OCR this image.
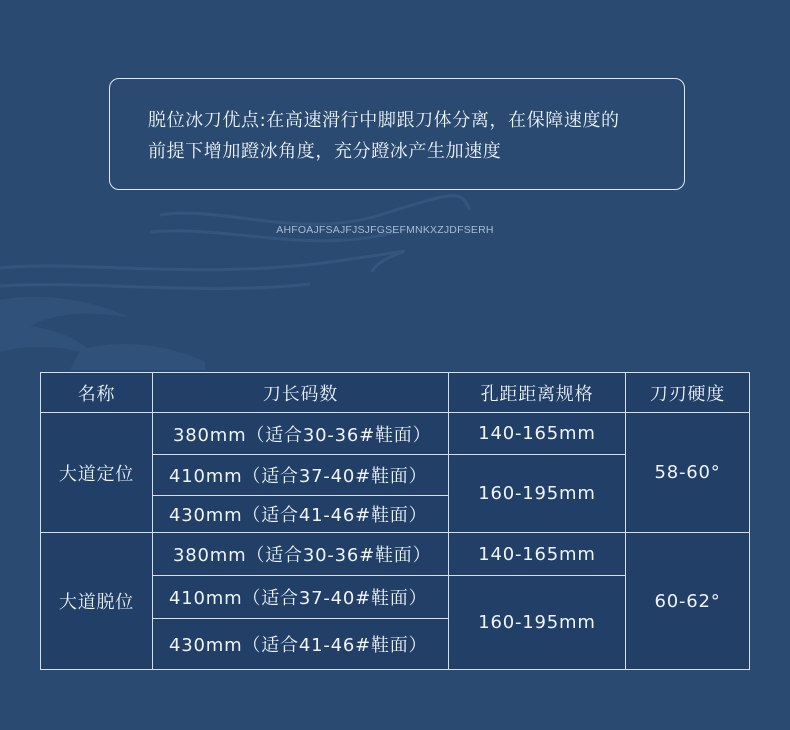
脱位冰刀优点:在高速滑行中脚跟刀体分离，在保障速度的
前提下增加蹬冰角度，充分蹬冰产生加速度
AHFOAJFSAJFJSJFGSEFMNKXZJDFSERH
名称	刀长码数	孔距距离规格	刀刃硬度
大道定位	380mm（适合30-36#鞋面）	140-165mm	58-60°
	410mm（适合37-40#鞋面）	160-195mm	
	430mm（适合41-46#鞋面）		
大道脱位	380mm（适合30-36#鞋面）	140-165mm	60-62°
	410mm（适合37-40#鞋面）	160-195mm	
	430mm（适合41-46#鞋面）		
